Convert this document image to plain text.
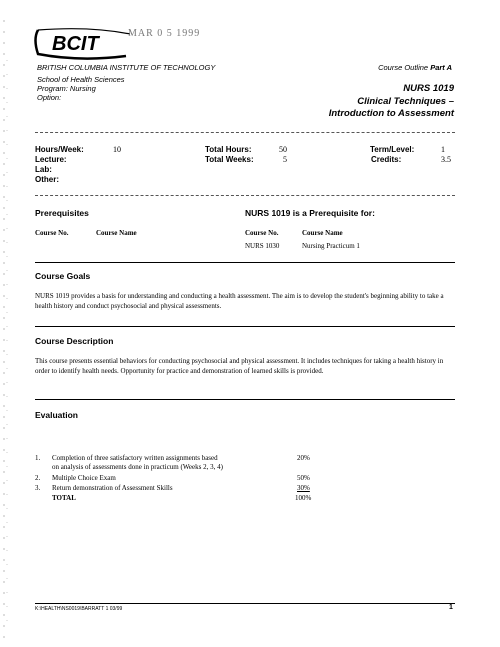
BCIT	MAR 0 5 1999
BRITISH COLUMBIA INSTITUTE OF TECHNOLOGY	Course Outline Part A
School of Health Sciences
Program: Nursing
Option:
NURS 1019
Clinical Techniques –
Introduction to Assessment
Hours/Week:	10
Lecture:
Lab:
Other:
Total Hours:	50
Total Weeks:	5
Term/Level:	1
Credits:	3.5
Prerequisites
Course No.	Course Name
NURS 1019 is a Prerequisite for:
Course No.	Course Name
NURS 1030	Nursing Practicum 1
Course Goals
NURS 1019 provides a basis for understanding and conducting a health assessment. The aim is to develop the student's beginning ability to take a health history and conduct psychosocial and physical assessments.
Course Description
This course presents essential behaviors for conducting psychosocial and physical assessment. It includes techniques for taking a health history in order to identify health needs. Opportunity for practice and demonstration of learned skills is provided.
Evaluation
1. Completion of three satisfactory written assignments based
on analysis of assessments done in practicum (Weeks 2, 3, 4)
20%
2. Multiple Choice Exam	50%
3. Return demonstration of Assessment Skills	30%
TOTAL	100%
K:\HEALTH\NS0019\BARRATT 1 03/99	1
